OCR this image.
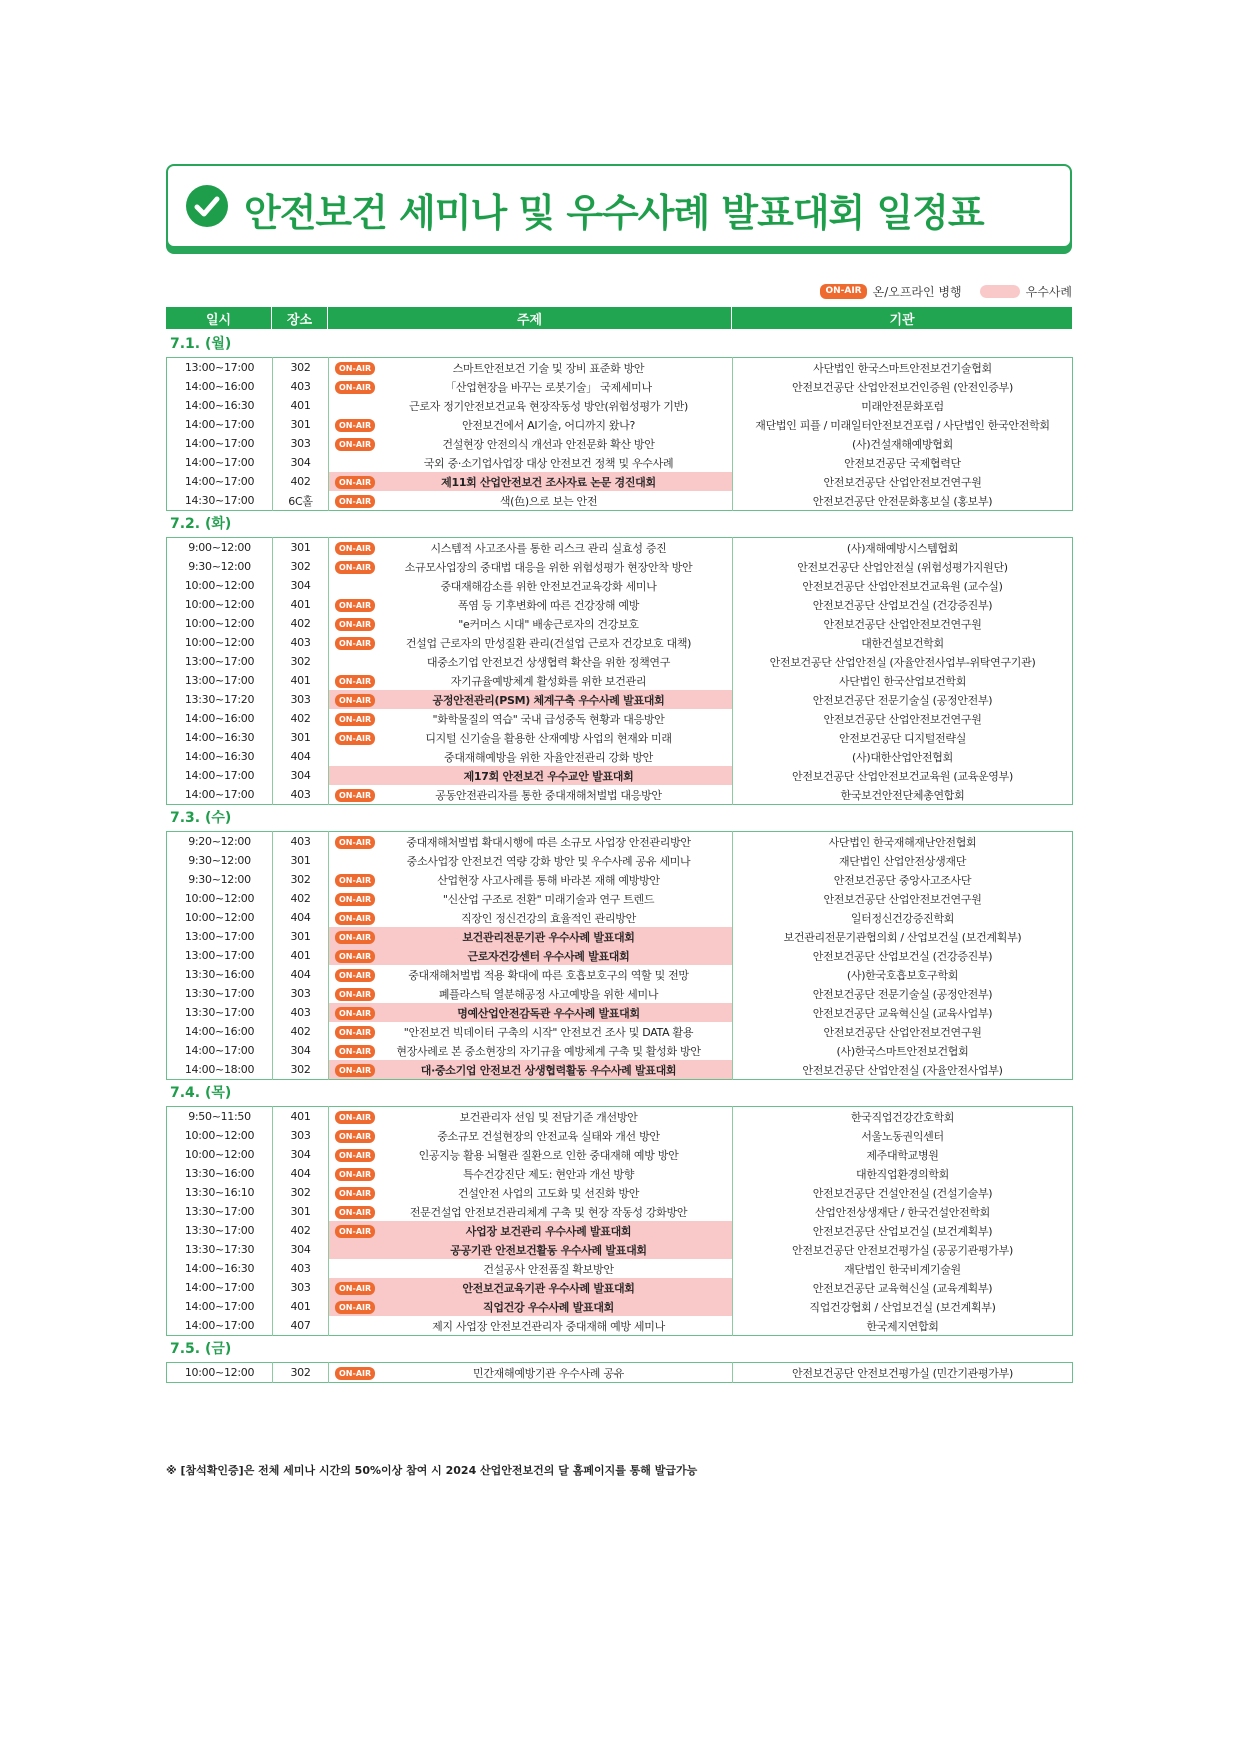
안전보건 세미나 및 우수사례 발표대회 일정표
ON-AIR 온/오프라인 병행	우수사례
일시	장소	주제	기관
7.1. (월)
13:00~17:00	302	ON-AIR 스마트안전보건 기술 및 장비 표준화 방안	사단법인 한국스마트안전보건기술협회
14:00~16:00	403	ON-AIR 「산업현장을 바꾸는 로봇기술」 국제세미나	안전보건공단 산업안전보건인증원 (안전인증부)
14:00~16:30	401	근로자 정기안전보건교육 현장작동성 방안(위험성평가 기반)	미래안전문화포럼
14:00~17:00	301	ON-AIR 안전보건에서 AI기술, 어디까지 왔나?	재단법인 피플 / 미래일터안전보건포럼 / 사단법인 한국안전학회
14:00~17:00	303	ON-AIR 건설현장 안전의식 개선과 안전문화 확산 방안	(사)건설재해예방협회
14:00~17:00	304	국외 중·소기업사업장 대상 안전보건 정책 및 우수사례	안전보건공단 국제협력단
14:00~17:00	402	ON-AIR 제11회 산업안전보건 조사자료 논문 경진대회	안전보건공단 산업안전보건연구원
14:30~17:00	6C홀	ON-AIR 색(色)으로 보는 안전	안전보건공단 안전문화홍보실 (홍보부)
7.2. (화)
9:00~12:00	301	ON-AIR 시스템적 사고조사를 통한 리스크 관리 실효성 증진	(사)재해예방시스템협회
9:30~12:00	302	ON-AIR 소규모사업장의 중대법 대응을 위한 위험성평가 현장안착 방안	안전보건공단 산업안전실 (위험성평가지원단)
10:00~12:00	304	중대재해감소를 위한 안전보건교육강화 세미나	안전보건공단 산업안전보건교육원 (교수실)
10:00~12:00	401	ON-AIR 폭염 등 기후변화에 따른 건강장해 예방	안전보건공단 산업보건실 (건강증진부)
10:00~12:00	402	ON-AIR "e커머스 시대" 배송근로자의 건강보호	안전보건공단 산업안전보건연구원
10:00~12:00	403	ON-AIR 건설업 근로자의 만성질환 관리(건설업 근로자 건강보호 대책)	대한건설보건학회
13:00~17:00	302	대중소기업 안전보건 상생협력 확산을 위한 정책연구	안전보건공단 산업안전실 (자율안전사업부-위탁연구기관)
13:00~17:00	401	ON-AIR 자기규율예방체계 활성화를 위한 보건관리	사단법인 한국산업보건학회
13:30~17:20	303	ON-AIR 공정안전관리(PSM) 체계구축 우수사례 발표대회	안전보건공단 전문기술실 (공정안전부)
14:00~16:00	402	ON-AIR "화학물질의 역습" 국내 급성중독 현황과 대응방안	안전보건공단 산업안전보건연구원
14:00~16:30	301	ON-AIR 디지털 신기술을 활용한 산재예방 사업의 현재와 미래	안전보건공단 디지털전략실
14:00~16:30	404	중대재해예방을 위한 자율안전관리 강화 방안	(사)대한산업안전협회
14:00~17:00	304	제17회 안전보건 우수교안 발표대회	안전보건공단 산업안전보건교육원 (교육운영부)
14:00~17:00	403	ON-AIR 공동안전관리자를 통한 중대재해처벌법 대응방안	한국보건안전단체총연합회
7.3. (수)
9:20~12:00	403	ON-AIR 중대재해처벌법 확대시행에 따른 소규모 사업장 안전관리방안	사단법인 한국재해재난안전협회
9:30~12:00	301	중소사업장 안전보건 역량 강화 방안 및 우수사례 공유 세미나	재단법인 산업안전상생재단
9:30~12:00	302	ON-AIR 산업현장 사고사례를 통해 바라본 재해 예방방안	안전보건공단 중앙사고조사단
10:00~12:00	402	ON-AIR "신산업 구조로 전환" 미래기술과 연구 트렌드	안전보건공단 산업안전보건연구원
10:00~12:00	404	ON-AIR 직장인 정신건강의 효율적인 관리방안	일터정신건강증진학회
13:00~17:00	301	ON-AIR 보건관리전문기관 우수사례 발표대회	보건관리전문기관협의회 / 산업보건실 (보건계획부)
13:00~17:00	401	ON-AIR 근로자건강센터 우수사례 발표대회	안전보건공단 산업보건실 (건강증진부)
13:30~16:00	404	ON-AIR 중대재해처벌법 적용 확대에 따른 호흡보호구의 역할 및 전망	(사)한국호흡보호구학회
13:30~17:00	303	ON-AIR 폐플라스틱 열분해공정 사고예방을 위한 세미나	안전보건공단 전문기술실 (공정안전부)
13:30~17:00	403	ON-AIR 명예산업안전감독관 우수사례 발표대회	안전보건공단 교육혁신실 (교육사업부)
14:00~16:00	402	ON-AIR "안전보건 빅데이터 구축의 시작" 안전보건 조사 및 DATA 활용	안전보건공단 산업안전보건연구원
14:00~17:00	304	ON-AIR 현장사례로 본 중소현장의 자기규율 예방체계 구축 및 활성화 방안	(사)한국스마트안전보건협회
14:00~18:00	302	ON-AIR 대·중소기업 안전보건 상생협력활동 우수사례 발표대회	안전보건공단 산업안전실 (자율안전사업부)
7.4. (목)
9:50~11:50	401	ON-AIR 보건관리자 선임 및 전담기준 개선방안	한국직업건강간호학회
10:00~12:00	303	ON-AIR 중소규모 건설현장의 안전교육 실태와 개선 방안	서울노동권익센터
10:00~12:00	304	ON-AIR 인공지능 활용 뇌혈관 질환으로 인한 중대재해 예방 방안	제주대학교병원
13:30~16:00	404	ON-AIR 특수건강진단 제도: 현안과 개선 방향	대한직업환경의학회
13:30~16:10	302	ON-AIR 건설안전 사업의 고도화 및 선진화 방안	안전보건공단 건설안전실 (건설기술부)
13:30~17:00	301	ON-AIR 전문건설업 안전보건관리체계 구축 및 현장 작동성 강화방안	산업안전상생재단 / 한국건설안전학회
13:30~17:00	402	ON-AIR 사업장 보건관리 우수사례 발표대회	안전보건공단 산업보건실 (보건계획부)
13:30~17:30	304	공공기관 안전보건활동 우수사례 발표대회	안전보건공단 안전보건평가실 (공공기관평가부)
14:00~16:30	403	건설공사 안전품질 확보방안	재단법인 한국비계기술원
14:00~17:00	303	ON-AIR 안전보건교육기관 우수사례 발표대회	안전보건공단 교육혁신실 (교육계획부)
14:00~17:00	401	ON-AIR 직업건강 우수사례 발표대회	직업건강협회 / 산업보건실 (보건계획부)
14:00~17:00	407	제지 사업장 안전보건관리자 중대재해 예방 세미나	한국제지연합회
7.5. (금)
10:00~12:00	302	ON-AIR	민간재해예방기관 우수사례 공유	안전보건공단 안전보건평가실 (민간기관평가부)
※ [참석확인증]은 전체 세미나 시간의 50%이상 참여 시 2024 산업안전보건의 달 홈페이지를 통해 발급가능
